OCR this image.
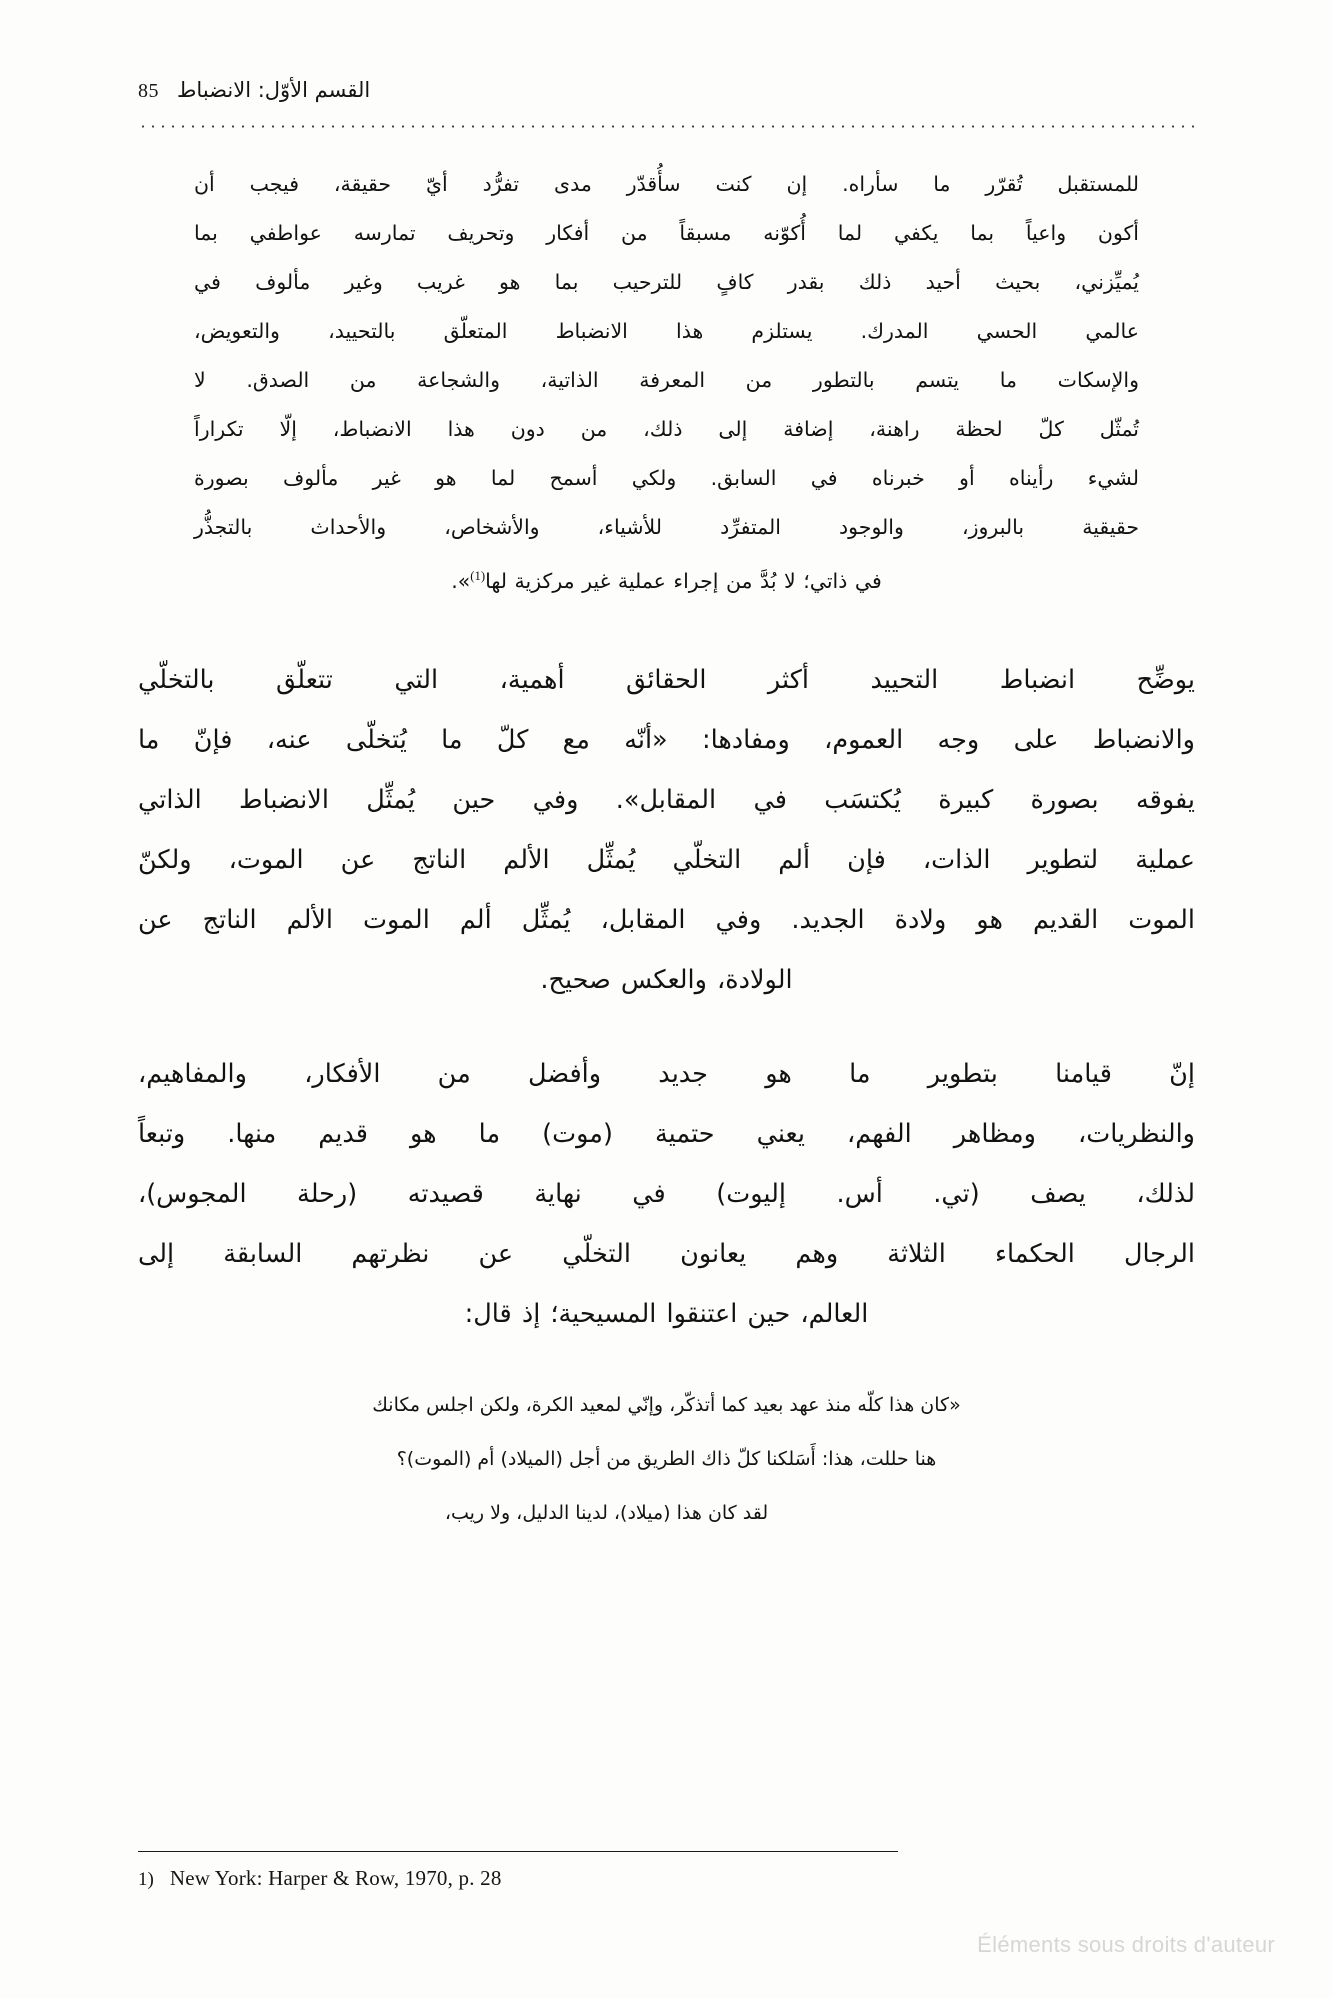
85 القسم الأوّل: الانضباط
للمستقبل تُقرّر ما سأراه. إن كنت سأُقدّر مدى تفرُّد أيّ حقيقة، فيجب أن
أكون واعياً بما يكفي لما أُكوّنه مسبقاً من أفكار وتحريف تمارسه عواطفي بما
يُميِّزني، بحيث أحيد ذلك بقدر كافٍ للترحيب بما هو غريب وغير مألوف في
عالمي الحسي المدرك. يستلزم هذا الانضباط المتعلّق بالتحييد، والتعويض،
والإسكات ما يتسم بالتطور من المعرفة الذاتية، والشجاعة من الصدق. لا
تُمثّل كلّ لحظة راهنة، إضافة إلى ذلك، من دون هذا الانضباط، إلّا تكراراً
لشيء رأيناه أو خبرناه في السابق. ولكي أسمح لما هو غير مألوف بصورة
حقيقية بالبروز، والوجود المتفرِّد للأشياء، والأشخاص، والأحداث بالتجذُّر
في ذاتي؛ لا بُدَّ من إجراء عملية غير مركزية لها$^{(1)}$».

يوضِّح انضباط التحييد أكثر الحقائق أهمية، التي تتعلّق بالتخلّي
والانضباط على وجه العموم، ومفادها: «أنّه مع كلّ ما يُتخلّى عنه، فإنّ ما
يفوقه بصورة كبيرة يُكتسَب في المقابل». وفي حين يُمثِّل الانضباط الذاتي
عملية لتطوير الذات، فإن ألم التخلّي يُمثِّل الألم الناتج عن الموت، ولكنّ
الموت القديم هو ولادة الجديد. وفي المقابل، يُمثِّل ألم الموت الألم الناتج عن
الولادة، والعكس صحيح.

إنّ قيامنا بتطوير ما هو جديد وأفضل من الأفكار، والمفاهيم،
والنظريات، ومظاهر الفهم، يعني حتمية (موت) ما هو قديم منها. وتبعاً
لذلك، يصف (تي. أس. إليوت) في نهاية قصيدته (رحلة المجوس)،
الرجال الحكماء الثلاثة وهم يعانون التخلّي عن نظرتهم السابقة إلى
العالم، حين اعتنقوا المسيحية؛ إذ قال:

«كان هذا كلّه منذ عهد بعيد كما أتذكّر، وإنّي لمعيد الكرة، ولكن اجلس مكانك
هنا حللت، هذا: أَسَلكنا كلّ ذاك الطريق من أجل (الميلاد) أم (الموت)؟
لقد كان هذا (ميلاد)، لدينا الدليل، ولا ريب،
1) New York: Harper & Row, 1970, p. 28
Éléments sous droits d'auteur
